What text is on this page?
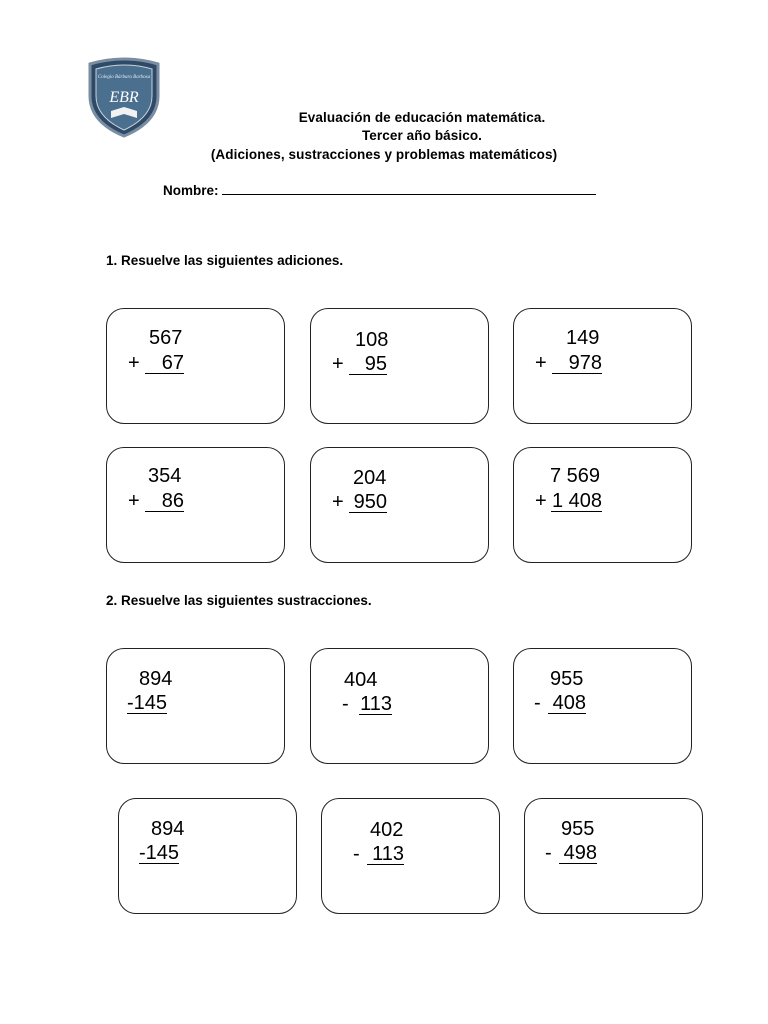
Colegio Bárbara Barbosa
EBR
Evaluación de educación matemática.
Tercer año básico.
(Adiciones, sustracciones y problemas matemáticos)
Nombre:
1. Resuelve las siguientes adiciones.
567
+	67
108
+	95
149
+	978
354
+	86
204
+ 950
7 569
+ 1 408
2. Resuelve las siguientes sustracciones.
894
-145
404
- 113
955
- 408
894
-145
402
- 113
955
- 498
